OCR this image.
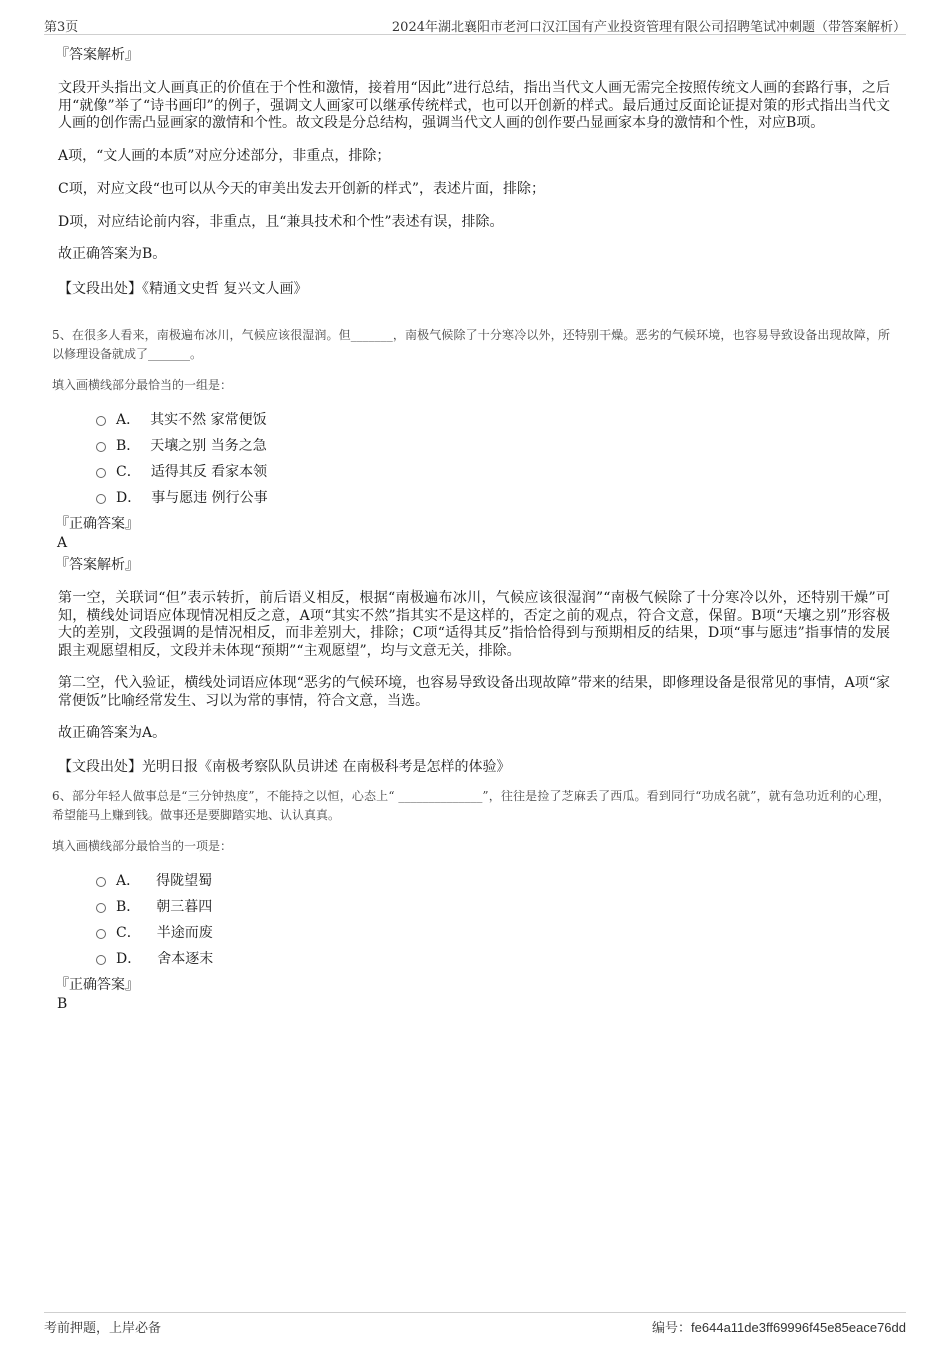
第3页	2024年湖北襄阳市老河口汉江国有产业投资管理有限公司招聘笔试冲刺题（带答案解析）

『答案解析』

文段开头指出文人画真正的价值在于个性和激情，接着用“因此”进行总结，指出当代文人画无需完全按照传统文人画的套路行事，之后用“就像”举了“诗书画印”的例子，强调文人画家可以继承传统样式，也可以开创新的样式。最后通过反面论证提对策的形式指出当代文人画的创作需凸显画家的激情和个性。故文段是分总结构，强调当代文人画的创作要凸显画家本身的激情和个性，对应B项。

A项，“文人画的本质”对应分述部分，非重点，排除；

C项，对应文段“也可以从今天的审美出发去开创新的样式”，表述片面，排除；

D项，对应结论前内容，非重点，且“兼具技术和个性”表述有误，排除。

故正确答案为B。

【文段出处】《精通文史哲 复兴文人画》

5、在很多人看来，南极遍布冰川，气候应该很湿润。但_______，南极气候除了十分寒冷以外，还特别干燥。恶劣的气候环境，也容易导致设备出现故障，所以修理设备就成了_______。

填入画横线部分最恰当的一组是：

A． 其实不然 家常便饭
B． 天壤之别 当务之急
C． 适得其反 看家本领
D． 事与愿违 例行公事

『正确答案』

A

『答案解析』

第一空，关联词“但”表示转折，前后语义相反，根据“南极遍布冰川，气候应该很湿润”“南极气候除了十分寒冷以外，还特别干燥”可知，横线处词语应体现情况相反之意，A项“其实不然”指其实不是这样的，否定之前的观点，符合文意，保留。B项“天壤之别”形容极大的差别，文段强调的是情况相反，而非差别大，排除；C项“适得其反”指恰恰得到与预期相反的结果，D项“事与愿违”指事情的发展跟主观愿望相反，文段并未体现“预期”“主观愿望”，均与文意无关，排除。

第二空，代入验证，横线处词语应体现“恶劣的气候环境，也容易导致设备出现故障”带来的结果，即修理设备是很常见的事情，A项“家常便饭”比喻经常发生、习以为常的事情，符合文意，当选。

故正确答案为A。

【文段出处】光明日报《南极考察队队员讲述 在南极科考是怎样的体验》

6、部分年轻人做事总是“三分钟热度”，不能持之以恒，心态上“ ______________”，往往是捡了芝麻丢了西瓜。看到同行“功成名就”，就有急功近利的心理，希望能马上赚到钱。做事还是要脚踏实地、认认真真。

填入画横线部分最恰当的一项是：

A． 得陇望蜀
B． 朝三暮四
C． 半途而废
D． 舍本逐末

『正确答案』

B

考前押题，上岸必备	编号：fe644a11de3ff69996f45e85eace76dd
